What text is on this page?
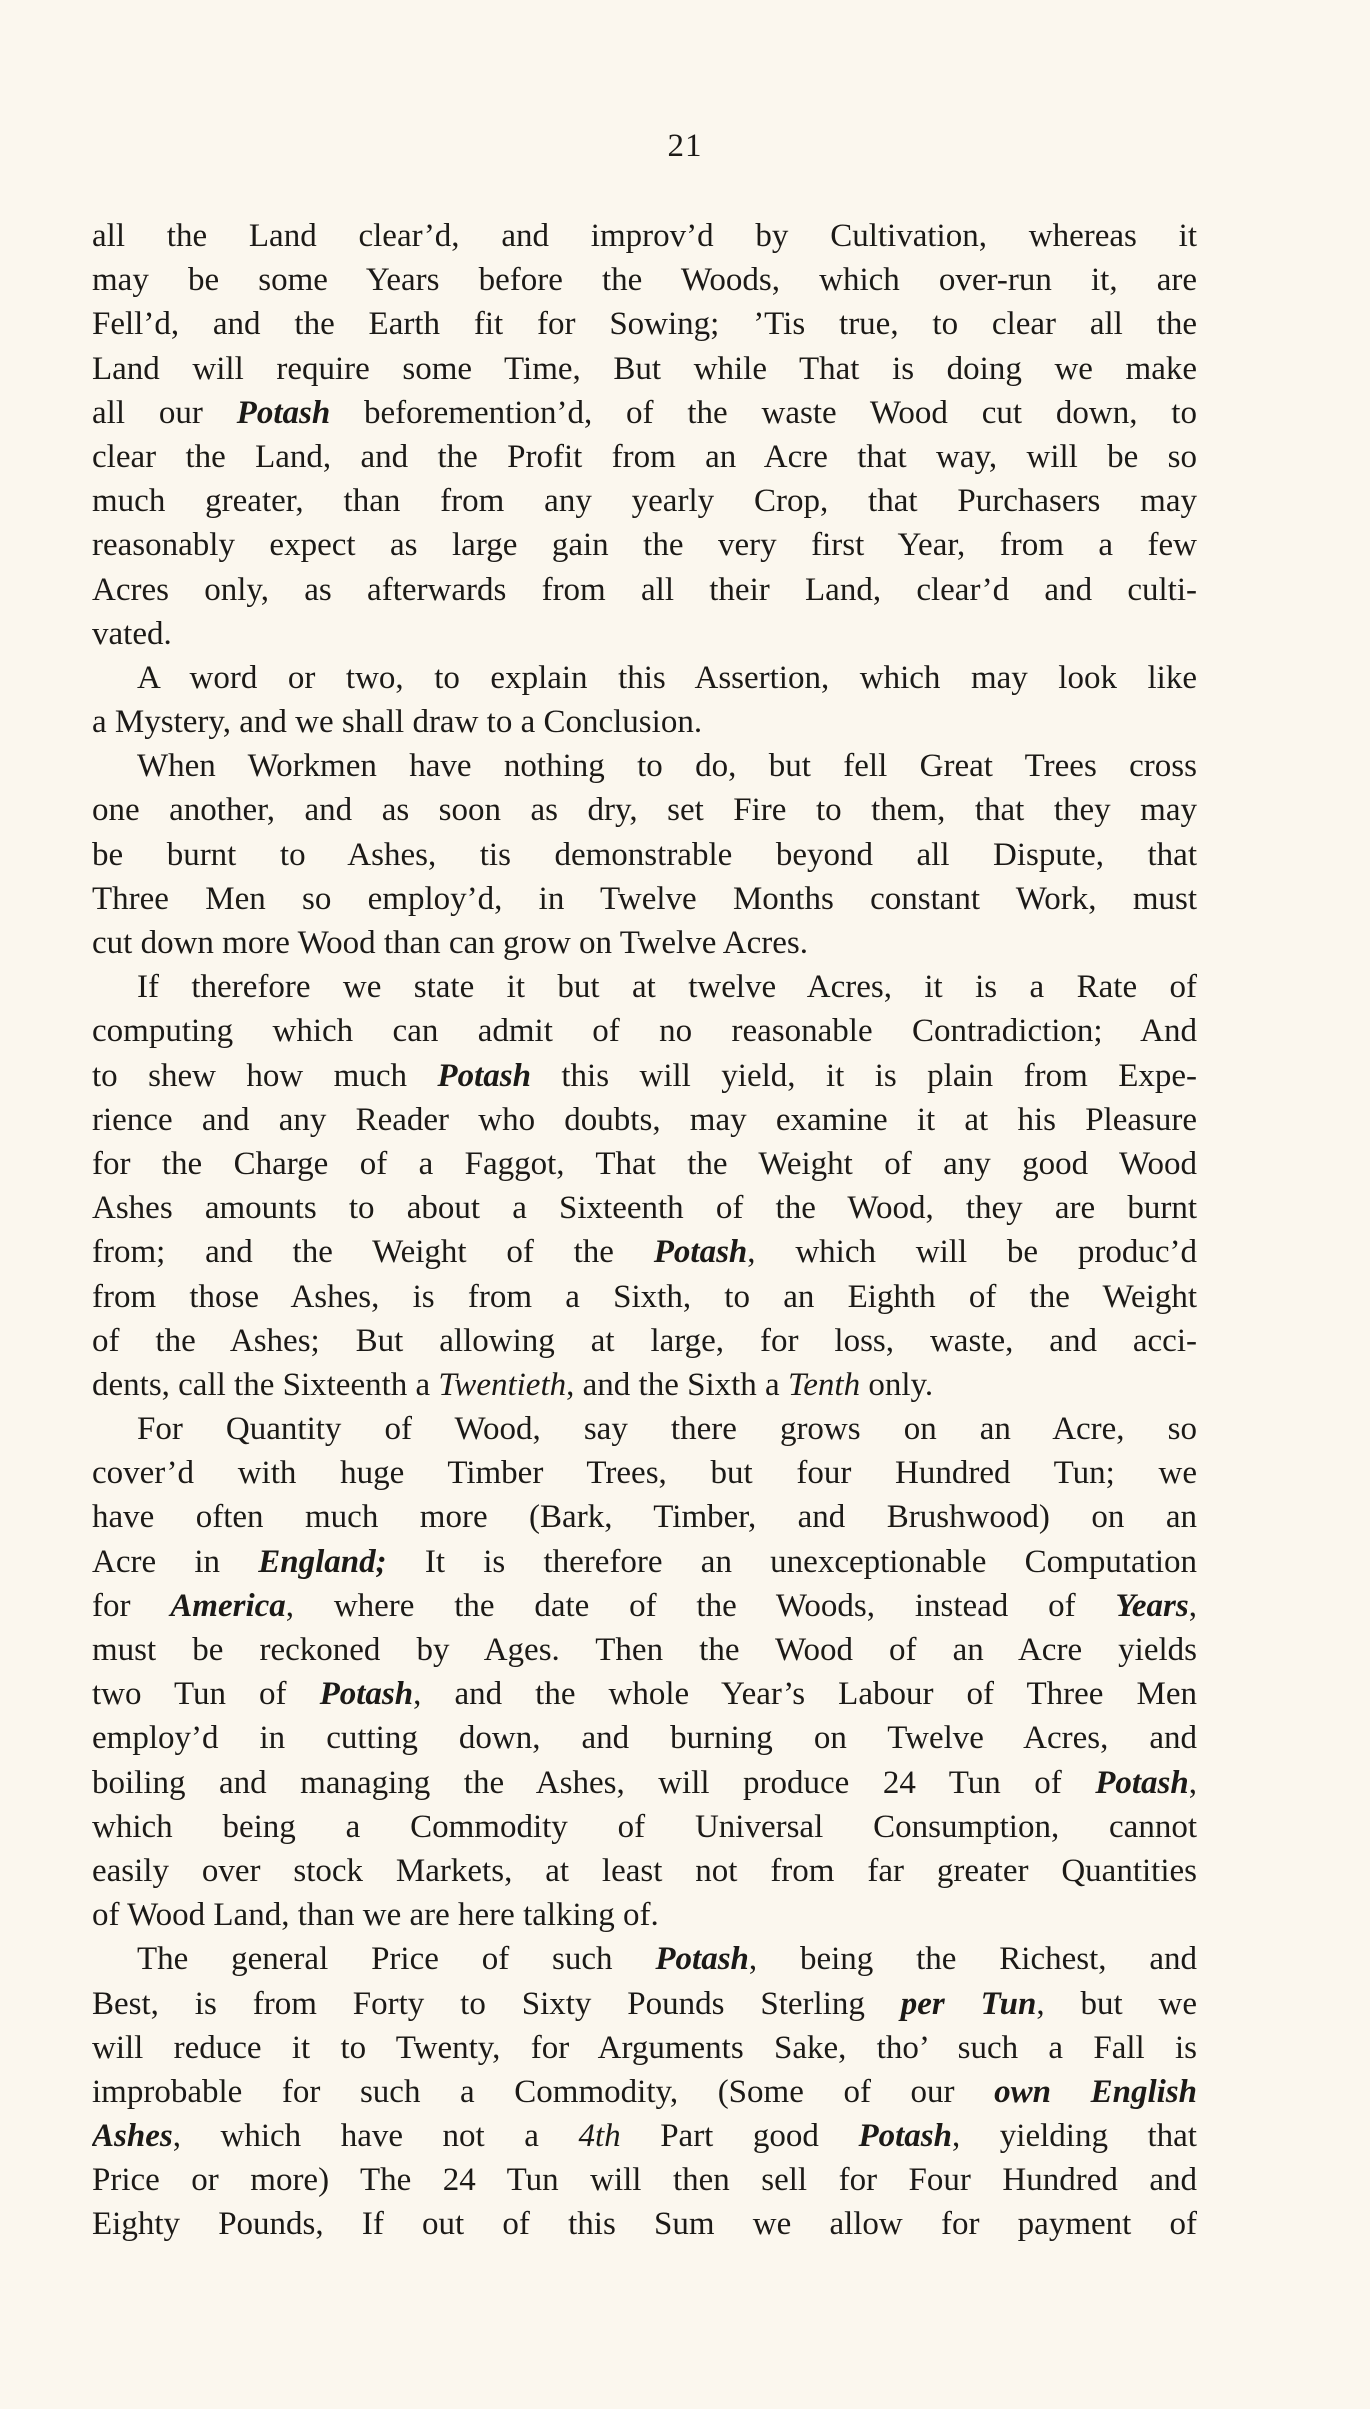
21
all the Land clear’d, and improv’d by Cultivation, whereas it
may be some Years before the Woods, which over-run it, are
Fell’d, and the Earth fit for Sowing; ’Tis true, to clear all the
Land will require some Time, But while That is doing we make
all our Potash beforemention’d, of the waste Wood cut down, to
clear the Land, and the Profit from an Acre that way, will be so
much greater, than from any yearly Crop, that Purchasers may
reasonably expect as large gain the very first Year, from a few
Acres only, as afterwards from all their Land, clear’d and culti-
vated.
A word or two, to explain this Assertion, which may look like
a Mystery, and we shall draw to a Conclusion.
When Workmen have nothing to do, but fell Great Trees cross
one another, and as soon as dry, set Fire to them, that they may
be burnt to Ashes, tis demonstrable beyond all Dispute, that
Three Men so employ’d, in Twelve Months constant Work, must
cut down more Wood than can grow on Twelve Acres.
If therefore we state it but at twelve Acres, it is a Rate of
computing which can admit of no reasonable Contradiction; And
to shew how much Potash this will yield, it is plain from Expe-
rience and any Reader who doubts, may examine it at his Pleasure
for the Charge of a Faggot, That the Weight of any good Wood
Ashes amounts to about a Sixteenth of the Wood, they are burnt
from; and the Weight of the Potash, which will be produc’d
from those Ashes, is from a Sixth, to an Eighth of the Weight
of the Ashes; But allowing at large, for loss, waste, and acci-
dents, call the Sixteenth a Twentieth, and the Sixth a Tenth only.
For Quantity of Wood, say there grows on an Acre, so
cover’d with huge Timber Trees, but four Hundred Tun; we
have often much more (Bark, Timber, and Brushwood) on an
Acre in England; It is therefore an unexceptionable Computation
for America, where the date of the Woods, instead of Years,
must be reckoned by Ages. Then the Wood of an Acre yields
two Tun of Potash, and the whole Year’s Labour of Three Men
employ’d in cutting down, and burning on Twelve Acres, and
boiling and managing the Ashes, will produce 24 Tun of Potash,
which being a Commodity of Universal Consumption, cannot
easily over stock Markets, at least not from far greater Quantities
of Wood Land, than we are here talking of.
The general Price of such Potash, being the Richest, and
Best, is from Forty to Sixty Pounds Sterling per Tun, but we
will reduce it to Twenty, for Arguments Sake, tho’ such a Fall is
improbable for such a Commodity, (Some of our own English
Ashes, which have not a 4th Part good Potash, yielding that
Price or more) The 24 Tun will then sell for Four Hundred and
Eighty Pounds, If out of this Sum we allow for payment of
